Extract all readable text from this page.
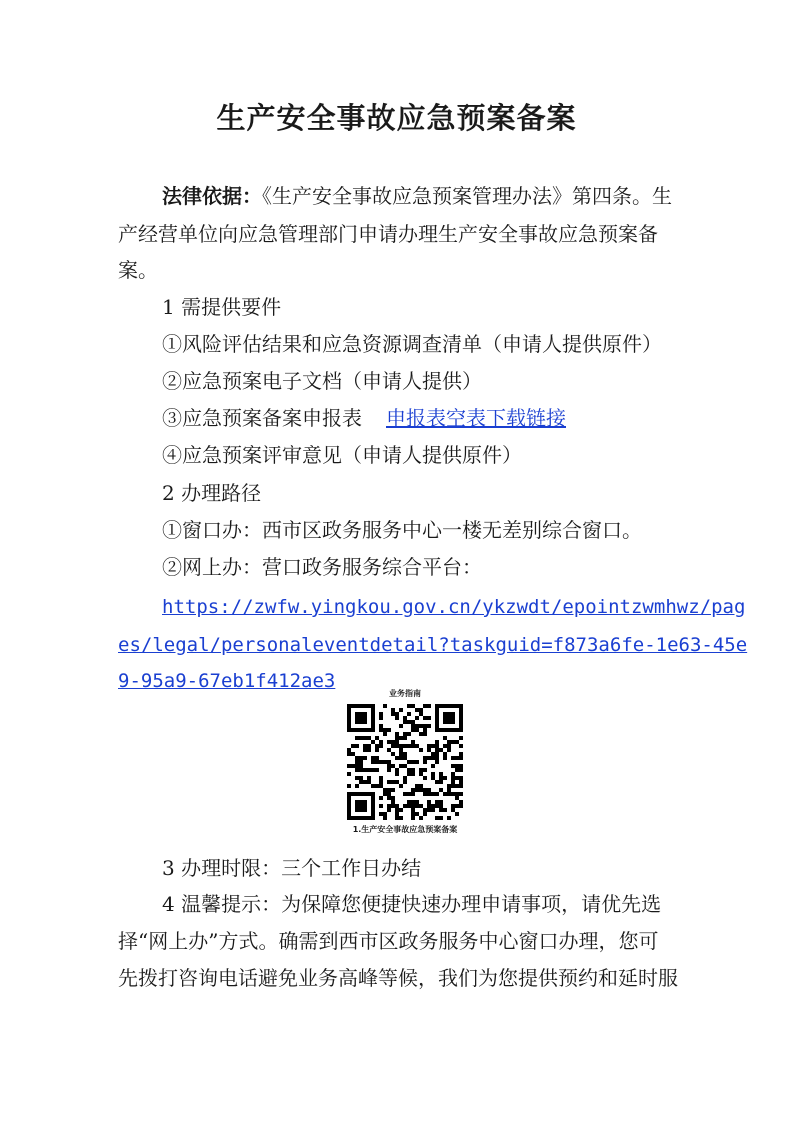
生产安全事故应急预案备案
法律依据：《生产安全事故应急预案管理办法》第四条。生
产经营单位向应急管理部门申请办理生产安全事故应急预案备
案。
1 需提供要件
①风险评估结果和应急资源调查清单（申请人提供原件）
②应急预案电子文档（申请人提供）
③应急预案备案申报表 申报表空表下载链接
④应急预案评审意见（申请人提供原件）
2 办理路径
①窗口办：西市区政务服务中心一楼无差别综合窗口。
②网上办：营口政务服务综合平台：
https://zwfw.yingkou.gov.cn/ykzwdt/epointzwmhwz/pag
es/legal/personaleventdetail?taskguid=f873a6fe-1e63-45e
9-95a9-67eb1f412ae3
业务指南
1.生产安全事故应急预案备案
3 办理时限：三个工作日办结
4 温馨提示：为保障您便捷快速办理申请事项，请优先选
择“网上办”方式。确需到西市区政务服务中心窗口办理，您可
先拨打咨询电话避免业务高峰等候，我们为您提供预约和延时服
